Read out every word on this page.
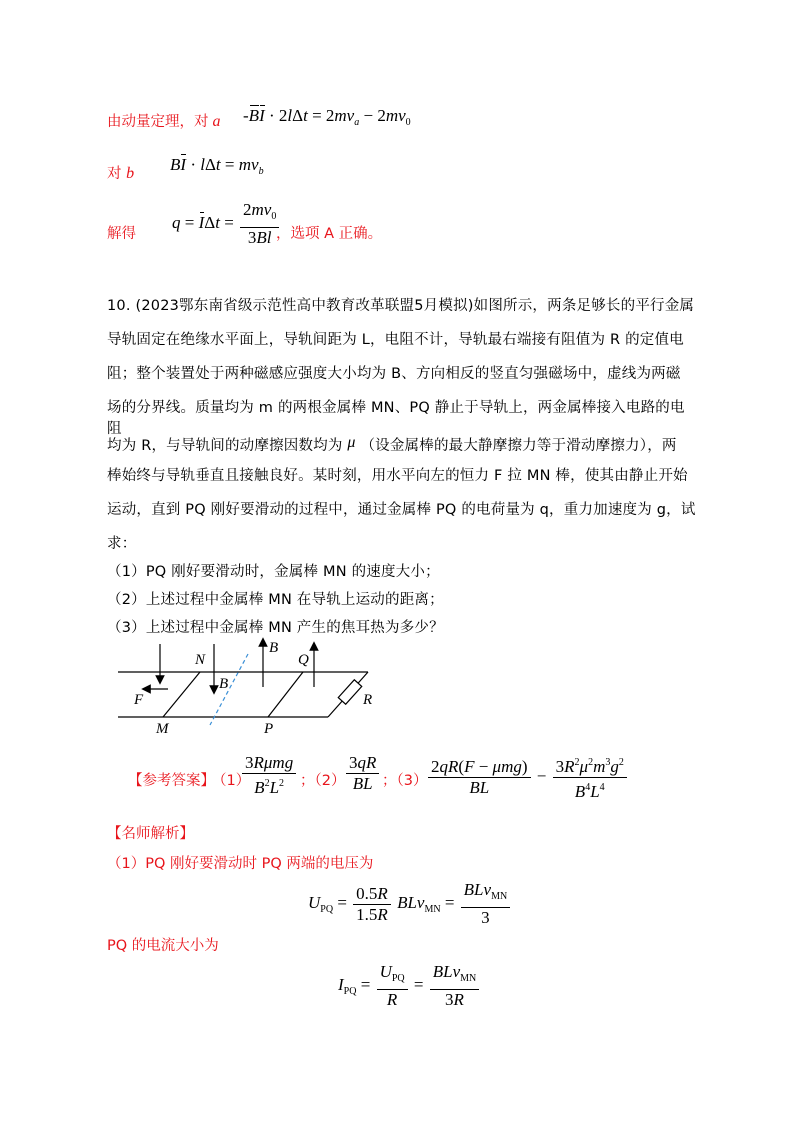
由动量定理，对 a $-BI \cdot 2l\Delta t = 2mv_a - 2mv_0$
对 b BI · $l\Delta t = mv_b$
解得
$q = I\Delta t = \frac{2mv_0}{3Bl}$
，选项 A 正确。
10. (2023鄂东南省级示范性高中教育改革联盟5月模拟)如图所示，两条足够长的平行金属
导轨固定在绝缘水平面上，导轨间距为 L，电阻不计，导轨最右端接有阻值为 R 的定值电
阻；整个装置处于两种磁感应强度大小均为 B、方向相反的竖直匀强磁场中，虚线为两磁
场的分界线。质量均为 m 的两根金属棒 MN、PQ 静止于导轨上，两金属棒接入电路的电阻
均为 R，与导轨间的动摩擦因数均为 μ （设金属棒的最大静摩擦力等于滑动摩擦力），两
棒始终与导轨垂直且接触良好。某时刻，用水平向左的恒力 F 拉 MN 棒，使其由静止开始
运动，直到 PQ 刚好要滑动的过程中，通过金属棒 PQ 的电荷量为 q，重力加速度为 g，试
求：
（1）PQ 刚好要滑动时，金属棒 MN 的速度大小；
（2）上述过程中金属棒 MN 在导轨上运动的距离；
（3）上述过程中金属棒 MN 产生的焦耳热为多少？
N
B
B
Q
F
M	P
R
【参考答案】
（1）
$\frac{\text{3Rμmg}}{B^2L^2}$ ；$(2) \frac{3qR}{BL}$ ；$(3) \frac{\text{2qR(F − μmg)}}{BL} - \frac{3R^2\mu^2m^3g^2}{B^4L^4}$
【名师解析】
（1）PQ 刚好要滑动时 PQ 两端的电压为
$U_{PQ} = \frac{0.5R}{1.5R} BLv_{MN} = \frac{BLv_{MN}}{3}$
PQ 的电流大小为
$I_{PQ} = \frac{U_{PQ}}{R} = \frac{BLv_{MN}}{3R}$
